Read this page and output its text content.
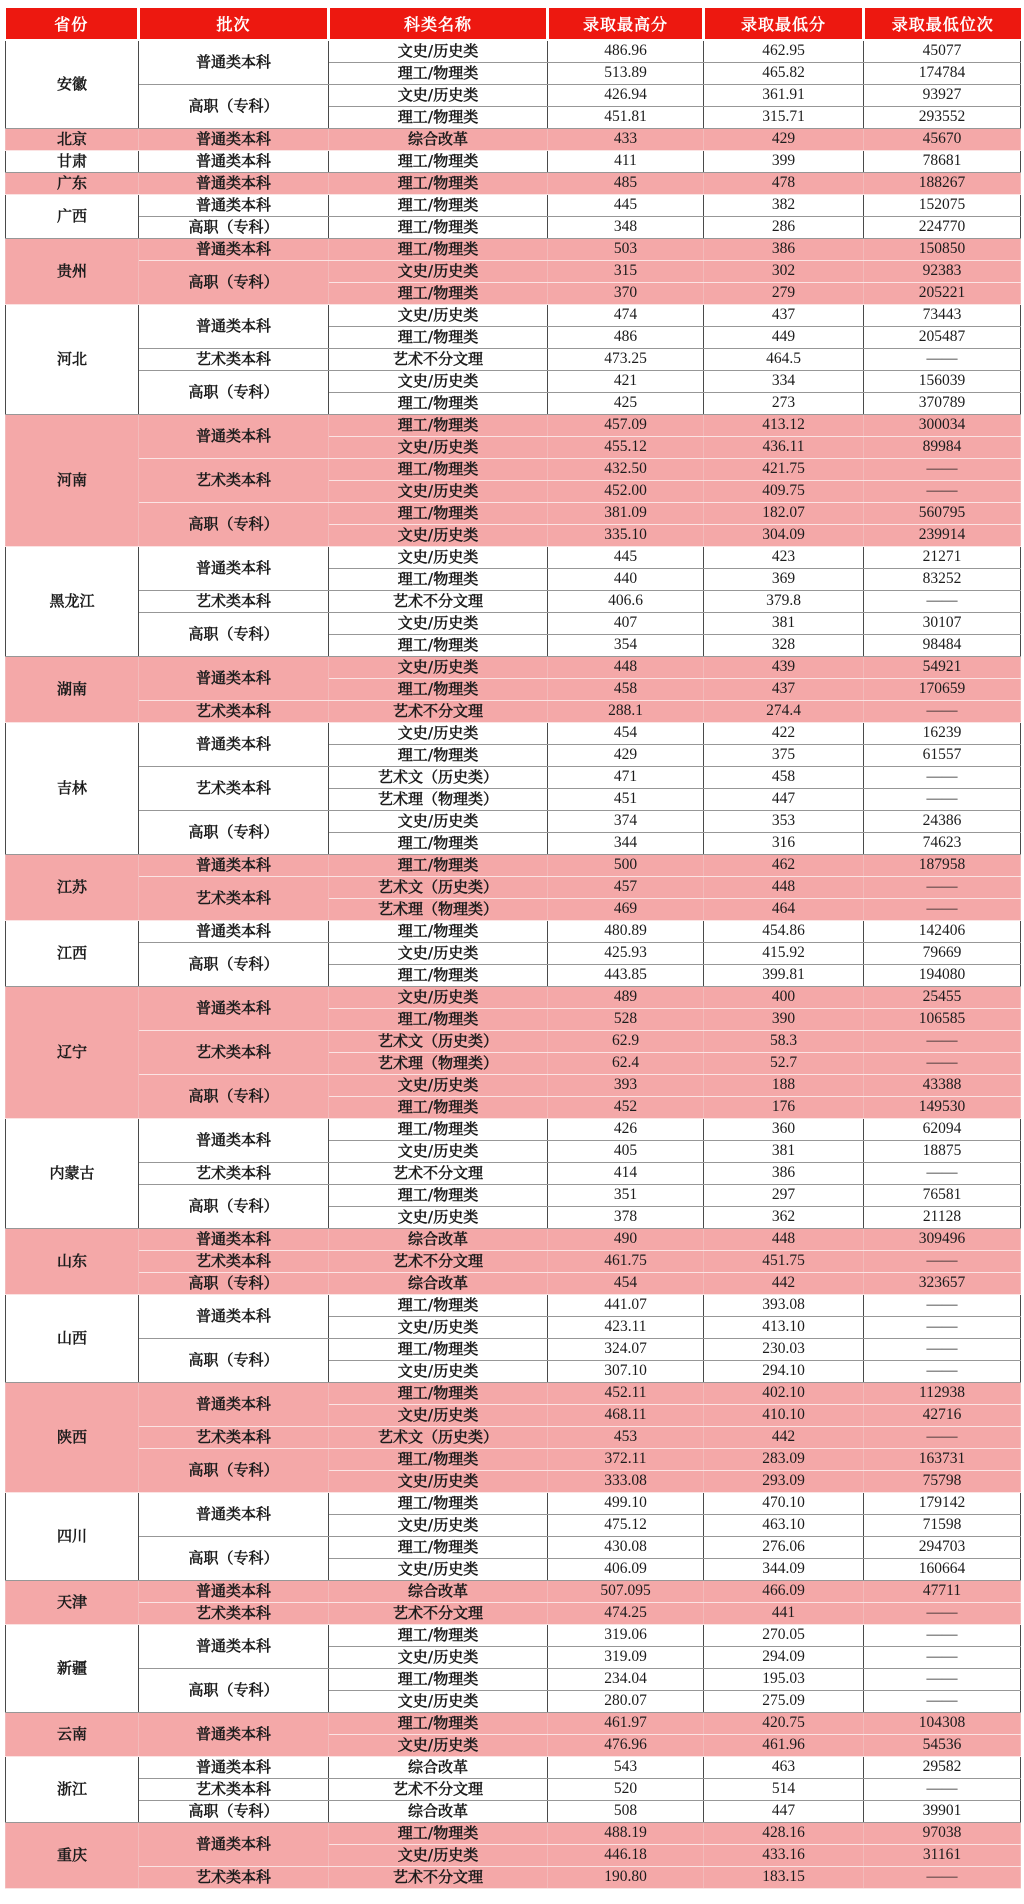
省份	批次	科类名称	录取最高分	录取最低分	录取最低位次
安徽	普通类本科	文史/历史类	486.96	462.95	45077
		理工/物理类	513.89	465.82	174784
	高职（专科）	文史/历史类	426.94	361.91	93927
		理工/物理类	451.81	315.71	293552
北京	普通类本科	综合改革	433	429	45670
甘肃	普通类本科	理工/物理类	411	399	78681
广东	普通类本科	理工/物理类	485	478	188267
广西	普通类本科	理工/物理类	445	382	152075
	高职（专科）	理工/物理类	348	286	224770
贵州	普通类本科	理工/物理类	503	386	150850
	高职（专科）	文史/历史类	315	302	92383
		理工/物理类	370	279	205221
河北	普通类本科	文史/历史类	474	437	73443
		理工/物理类	486	449	205487
	艺术类本科	艺术不分文理	473.25	464.5	——
	高职（专科）	文史/历史类	421	334	156039
		理工/物理类	425	273	370789
河南	普通类本科	理工/物理类	457.09	413.12	300034
		文史/历史类	455.12	436.11	89984
	艺术类本科	理工/物理类	432.50	421.75	——
		文史/历史类	452.00	409.75	——
	高职（专科）	理工/物理类	381.09	182.07	560795
		文史/历史类	335.10	304.09	239914
黑龙江	普通类本科	文史/历史类	445	423	21271
		理工/物理类	440	369	83252
	艺术类本科	艺术不分文理	406.6	379.8	——
	高职（专科）	文史/历史类	407	381	30107
		理工/物理类	354	328	98484
湖南	普通类本科	文史/历史类	448	439	54921
		理工/物理类	458	437	170659
	艺术类本科	艺术不分文理	288.1	274.4	——
吉林	普通类本科	文史/历史类	454	422	16239
		理工/物理类	429	375	61557
	艺术类本科	艺术文（历史类）	471	458	——
		艺术理（物理类）	451	447	——
	高职（专科）	文史/历史类	374	353	24386
		理工/物理类	344	316	74623
江苏	普通类本科	理工/物理类	500	462	187958
	艺术类本科	艺术文（历史类）	457	448	——
		艺术理（物理类）	469	464	——
江西	普通类本科	理工/物理类	480.89	454.86	142406
	高职（专科）	文史/历史类	425.93	415.92	79669
		理工/物理类	443.85	399.81	194080
辽宁	普通类本科	文史/历史类	489	400	25455
		理工/物理类	528	390	106585
	艺术类本科	艺术文（历史类）	62.9	58.3	——
		艺术理（物理类）	62.4	52.7	——
	高职（专科）	文史/历史类	393	188	43388
		理工/物理类	452	176	149530
内蒙古	普通类本科	理工/物理类	426	360	62094
		文史/历史类	405	381	18875
	艺术类本科	艺术不分文理	414	386	——
	高职（专科）	理工/物理类	351	297	76581
		文史/历史类	378	362	21128
山东	普通类本科	综合改革	490	448	309496
	艺术类本科	艺术不分文理	461.75	451.75	——
	高职（专科）	综合改革	454	442	323657
山西	普通类本科	理工/物理类	441.07	393.08	——
		文史/历史类	423.11	413.10	——
	高职（专科）	理工/物理类	324.07	230.03	——
		文史/历史类	307.10	294.10	——
陕西	普通类本科	理工/物理类	452.11	402.10	112938
		文史/历史类	468.11	410.10	42716
	艺术类本科	艺术文（历史类）	453	442	——
	高职（专科）	理工/物理类	372.11	283.09	163731
		文史/历史类	333.08	293.09	75798
四川	普通类本科	理工/物理类	499.10	470.10	179142
		文史/历史类	475.12	463.10	71598
	高职（专科）	理工/物理类	430.08	276.06	294703
		文史/历史类	406.09	344.09	160664
天津	普通类本科	综合改革	507.095	466.09	47711
	艺术类本科	艺术不分文理	474.25	441	——
新疆	普通类本科	理工/物理类	319.06	270.05	——
		文史/历史类	319.09	294.09	——
	高职（专科）	理工/物理类	234.04	195.03	——
		文史/历史类	280.07	275.09	——
云南	普通类本科	理工/物理类	461.97	420.75	104308
		文史/历史类	476.96	461.96	54536
浙江	普通类本科	综合改革	543	463	29582
	艺术类本科	艺术不分文理	520	514	——
	高职（专科）	综合改革	508	447	39901
重庆	普通类本科	理工/物理类	488.19	428.16	97038
		文史/历史类	446.18	433.16	31161
	艺术类本科	艺术不分文理	190.80	183.15	——
